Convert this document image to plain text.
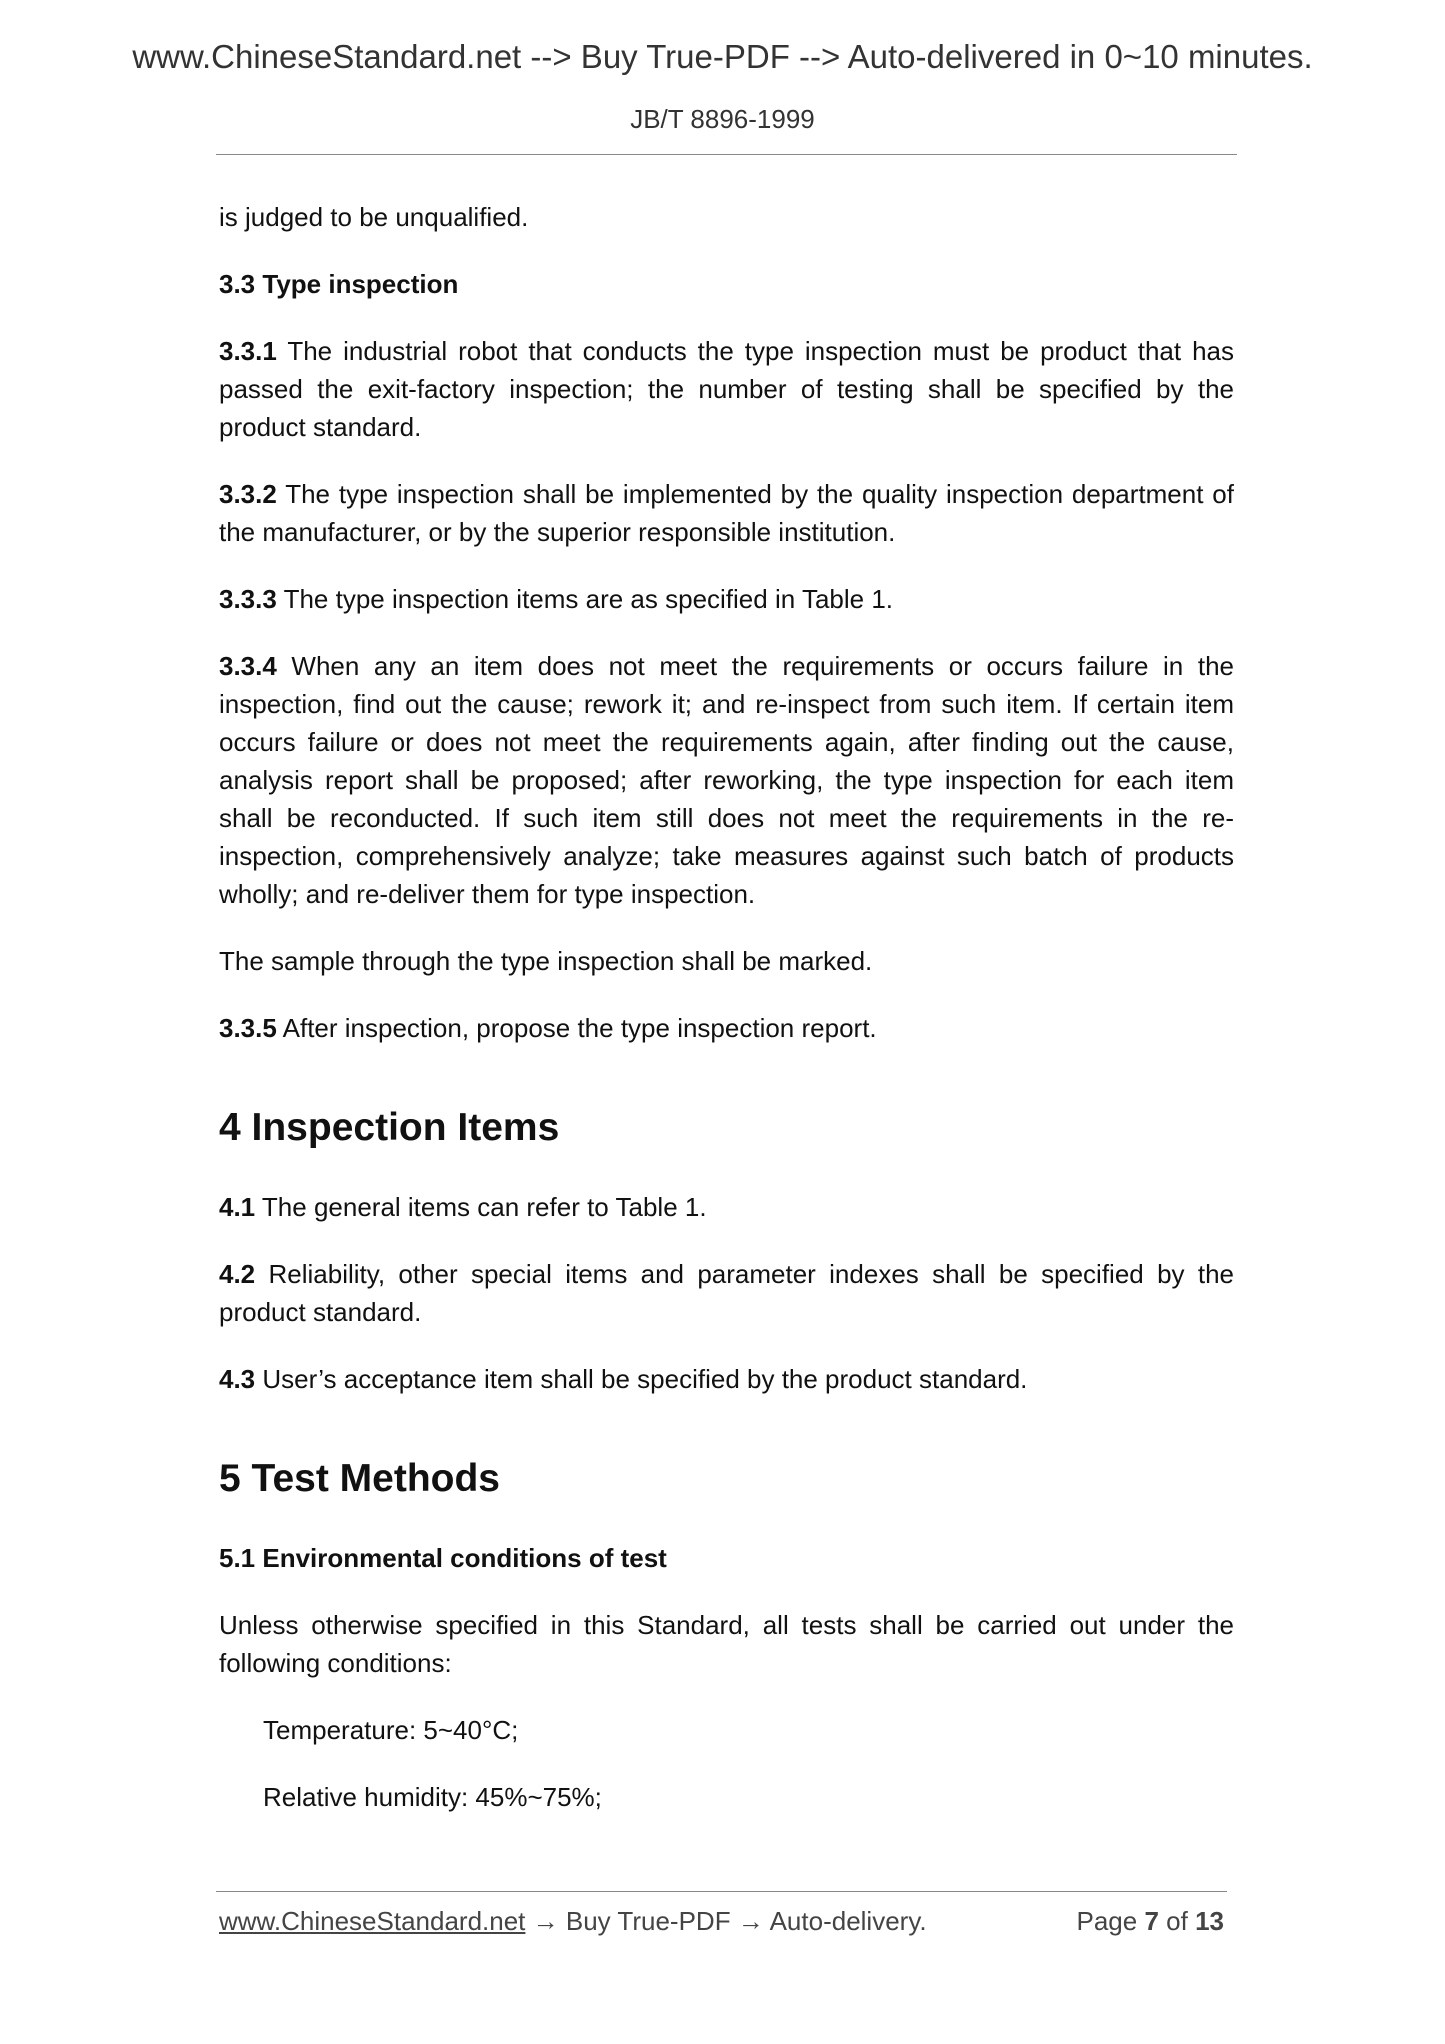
www.ChineseStandard.net --> Buy True-PDF --> Auto-delivered in 0~10 minutes.
JB/T 8896-1999

is judged to be unqualified.

3.3 Type inspection

3.3.1 The industrial robot that conducts the type inspection must be product that has passed the exit-factory inspection; the number of testing shall be specified by the product standard.

3.3.2 The type inspection shall be implemented by the quality inspection department of the manufacturer, or by the superior responsible institution.

3.3.3 The type inspection items are as specified in Table 1.

3.3.4 When any an item does not meet the requirements or occurs failure in the inspection, find out the cause; rework it; and re-inspect from such item. If certain item occurs failure or does not meet the requirements again, after finding out the cause, analysis report shall be proposed; after reworking, the type inspection for each item shall be reconducted. If such item still does not meet the requirements in the re-inspection, comprehensively analyze; take measures against such batch of products wholly; and re-deliver them for type inspection.

The sample through the type inspection shall be marked.

3.3.5 After inspection, propose the type inspection report.

4 Inspection Items

4.1 The general items can refer to Table 1.

4.2 Reliability, other special items and parameter indexes shall be specified by the product standard.

4.3 User’s acceptance item shall be specified by the product standard.

5 Test Methods

5.1 Environmental conditions of test

Unless otherwise specified in this Standard, all tests shall be carried out under the following conditions:

Temperature: 5~40°C;

Relative humidity: 45%~75%;

www.ChineseStandard.net → Buy True-PDF → Auto-delivery.	Page 7 of 13
